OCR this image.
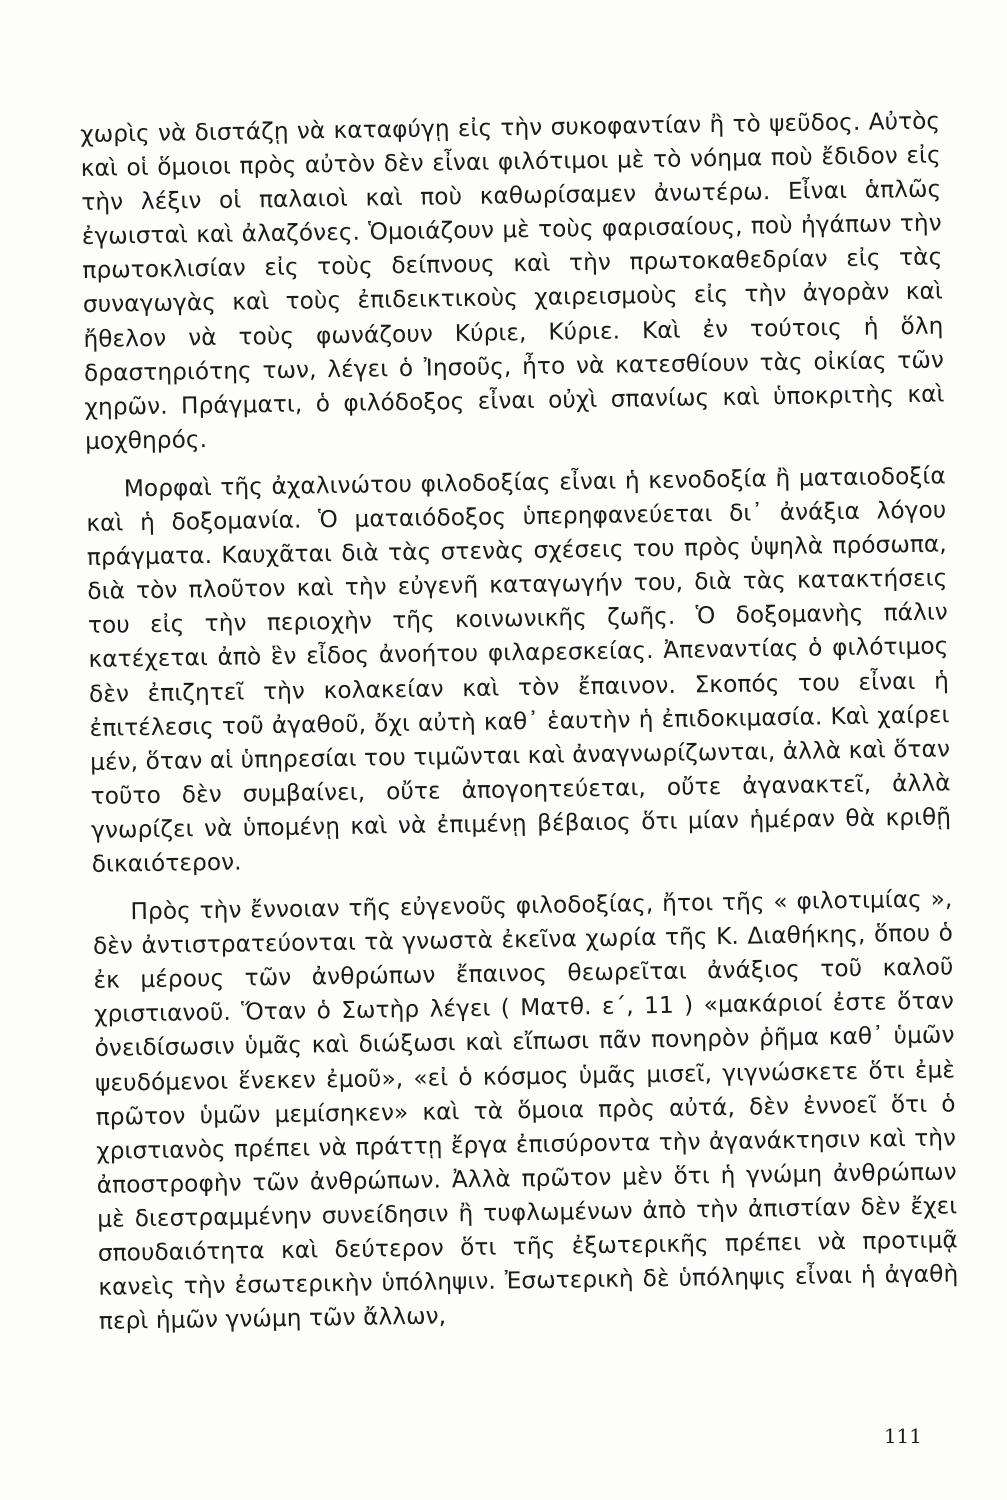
χωρὶς νὰ διστάζῃ νὰ καταφύγῃ εἰς τὴν συκοφαντίαν ἢ τὸ ψεῦδος. Αὐτὸς καὶ οἱ ὅμοιοι πρὸς αὐτὸν δὲν εἶναι φιλότιμοι μὲ τὸ νόημα ποὺ ἔδιδον εἰς τὴν λέξιν οἱ παλαιοὶ καὶ ποὺ καθωρίσαμεν ἀνωτέρω. Εἶναι ἁπλῶς ἐγωισταὶ καὶ ἀλαζόνες. Ὁμοιάζουν μὲ τοὺς φαρισαίους, ποὺ ἠγάπων τὴν πρωτοκλισίαν εἰς τοὺς δείπνους καὶ τὴν πρωτοκαθεδρίαν εἰς τὰς συναγωγὰς καὶ τοὺς ἐπιδεικτικοὺς χαιρεισμοὺς εἰς τὴν ἀγορὰν καὶ ἤθελον νὰ τοὺς φωνάζουν Κύριε, Κύριε. Καὶ ἐν τούτοις ἡ ὅλη δραστηριότης των, λέγει ὁ Ἰησοῦς, ἦτο νὰ κατεσθίουν τὰς οἰκίας τῶν χηρῶν. Πράγματι, ὁ φιλόδοξος εἶναι οὐχὶ σπανίως καὶ ὑποκριτὴς καὶ μοχθηρός.

Μορφαὶ τῆς ἀχαλινώτου φιλοδοξίας εἶναι ἡ κενοδοξία ἢ ματαιοδοξία καὶ ἡ δοξομανία. Ὁ ματαιόδοξος ὑπερηφανεύεται δι᾽ ἀνάξια λόγου πράγματα. Καυχᾶται διὰ τὰς στενὰς σχέσεις του πρὸς ὑψηλὰ πρόσωπα, διὰ τὸν πλοῦτον καὶ τὴν εὐγενῆ καταγωγήν του, διὰ τὰς κατακτήσεις του εἰς τὴν περιοχὴν τῆς κοινωνικῆς ζωῆς. Ὁ δοξομανὴς πάλιν κατέχεται ἀπὸ ἓν εἶδος ἀνοήτου φιλαρεσκείας. Ἀπεναντίας ὁ φιλότιμος δὲν ἐπιζητεῖ τὴν κολακείαν καὶ τὸν ἔπαινον. Σκοπός του εἶναι ἡ ἐπιτέλεσις τοῦ ἀγαθοῦ, ὄχι αὐτὴ καθ᾽ ἑαυτὴν ἡ ἐπιδοκιμασία. Καὶ χαίρει μέν, ὅταν αἱ ὑπηρεσίαι του τιμῶνται καὶ ἀναγνωρίζωνται, ἀλλὰ καὶ ὅταν τοῦτο δὲν συμβαίνει, οὔτε ἀπογοητεύεται, οὔτε ἀγανακτεῖ, ἀλλὰ γνωρίζει νὰ ὑπομένῃ καὶ νὰ ἐπιμένῃ βέβαιος ὅτι μίαν ἡμέραν θὰ κριθῇ δικαιότερον.

Πρὸς τὴν ἔννοιαν τῆς εὐγενοῦς φιλοδοξίας, ἤτοι τῆς « φιλοτιμίας », δὲν ἀντιστρατεύονται τὰ γνωστὰ ἐκεῖνα χωρία τῆς Κ. Διαθήκης, ὅπου ὁ ἐκ μέρους τῶν ἀνθρώπων ἔπαινος θεωρεῖται ἀνάξιος τοῦ καλοῦ χριστιανοῦ. Ὅταν ὁ Σωτὴρ λέγει ( Ματθ. ε΄, 11 ) «μακάριοί ἐστε ὅταν ὀνειδίσωσιν ὑμᾶς καὶ διώξωσι καὶ εἴπωσι πᾶν πονηρὸν ῥῆμα καθ᾽ ὑμῶν ψευδόμενοι ἕνεκεν ἐμοῦ», «εἰ ὁ κόσμος ὑμᾶς μισεῖ, γιγνώσκετε ὅτι ἐμὲ πρῶτον ὑμῶν μεμίσηκεν» καὶ τὰ ὅμοια πρὸς αὐτά, δὲν ἐννοεῖ ὅτι ὁ χριστιανὸς πρέπει νὰ πράττῃ ἔργα ἐπισύροντα τὴν ἀγανάκτησιν καὶ τὴν ἀποστροφὴν τῶν ἀνθρώπων. Ἀλλὰ πρῶτον μὲν ὅτι ἡ γνώμη ἀνθρώπων μὲ διεστραμμένην συνείδησιν ἢ τυφλωμένων ἀπὸ τὴν ἀπιστίαν δὲν ἔχει σπουδαιότητα καὶ δεύτερον ὅτι τῆς ἐξωτερικῆς πρέπει νὰ προτιμᾷ κανεὶς τὴν ἐσωτερικὴν ὑπόληψιν. Ἐσωτερικὴ δὲ ὑπόληψις εἶναι ἡ ἀγαθὴ περὶ ἡμῶν γνώμη τῶν ἄλλων,

111
